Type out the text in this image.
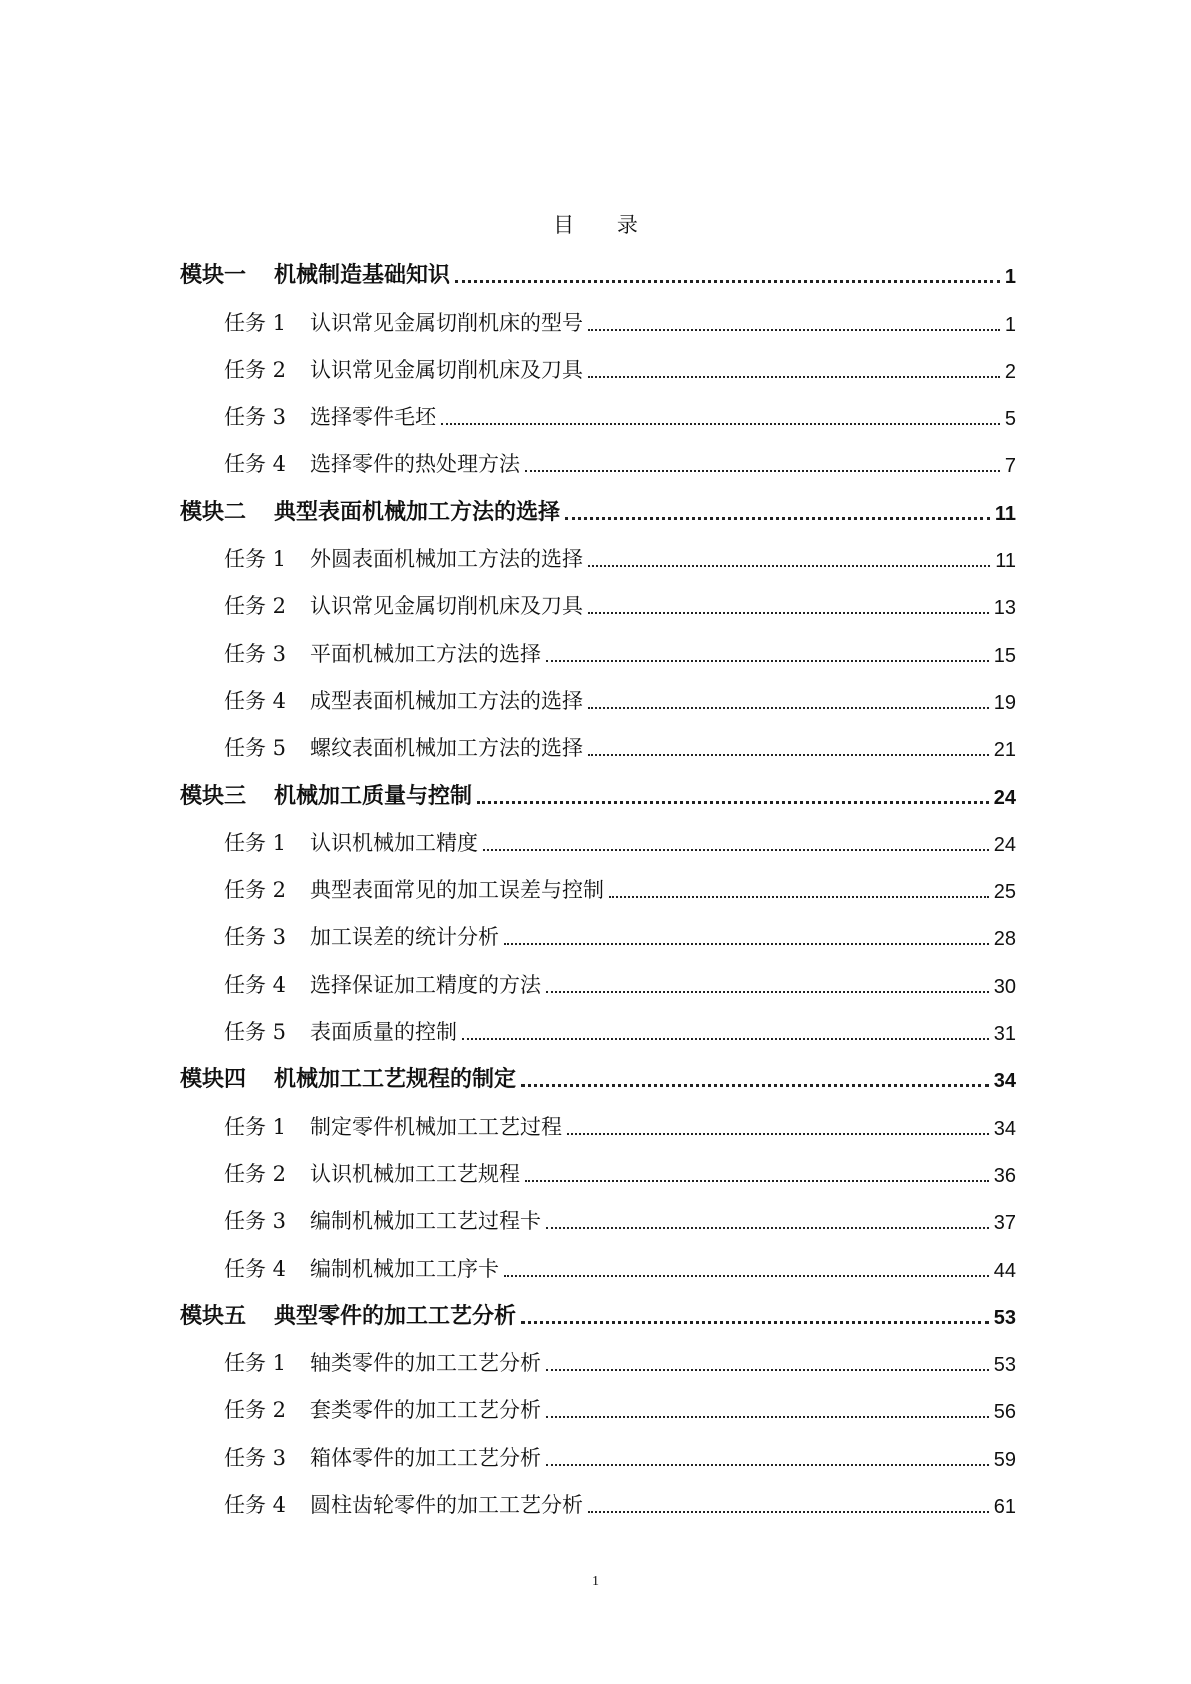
目 录
模块一 机械制造基础知识	1
任务 1 认识常见金属切削机床的型号	1
任务 2 认识常见金属切削机床及刀具	2
任务 3 选择零件毛坯	5
任务 4 选择零件的热处理方法	7
模块二 典型表面机械加工方法的选择	11
任务 1 外圆表面机械加工方法的选择	11
任务 2 认识常见金属切削机床及刀具	13
任务 3 平面机械加工方法的选择	15
任务 4 成型表面机械加工方法的选择	19
任务 5 螺纹表面机械加工方法的选择	21
模块三 机械加工质量与控制	24
任务 1 认识机械加工精度	24
任务 2 典型表面常见的加工误差与控制	25
任务 3 加工误差的统计分析	28
任务 4 选择保证加工精度的方法	30
任务 5 表面质量的控制	31
模块四 机械加工工艺规程的制定	34
任务 1 制定零件机械加工工艺过程	34
任务 2 认识机械加工工艺规程	36
任务 3 编制机械加工工艺过程卡	37
任务 4 编制机械加工工序卡	44
模块五 典型零件的加工工艺分析	53
任务 1 轴类零件的加工工艺分析	53
任务 2 套类零件的加工工艺分析	56
任务 3 箱体零件的加工工艺分析	59
任务 4 圆柱齿轮零件的加工工艺分析	61
1
